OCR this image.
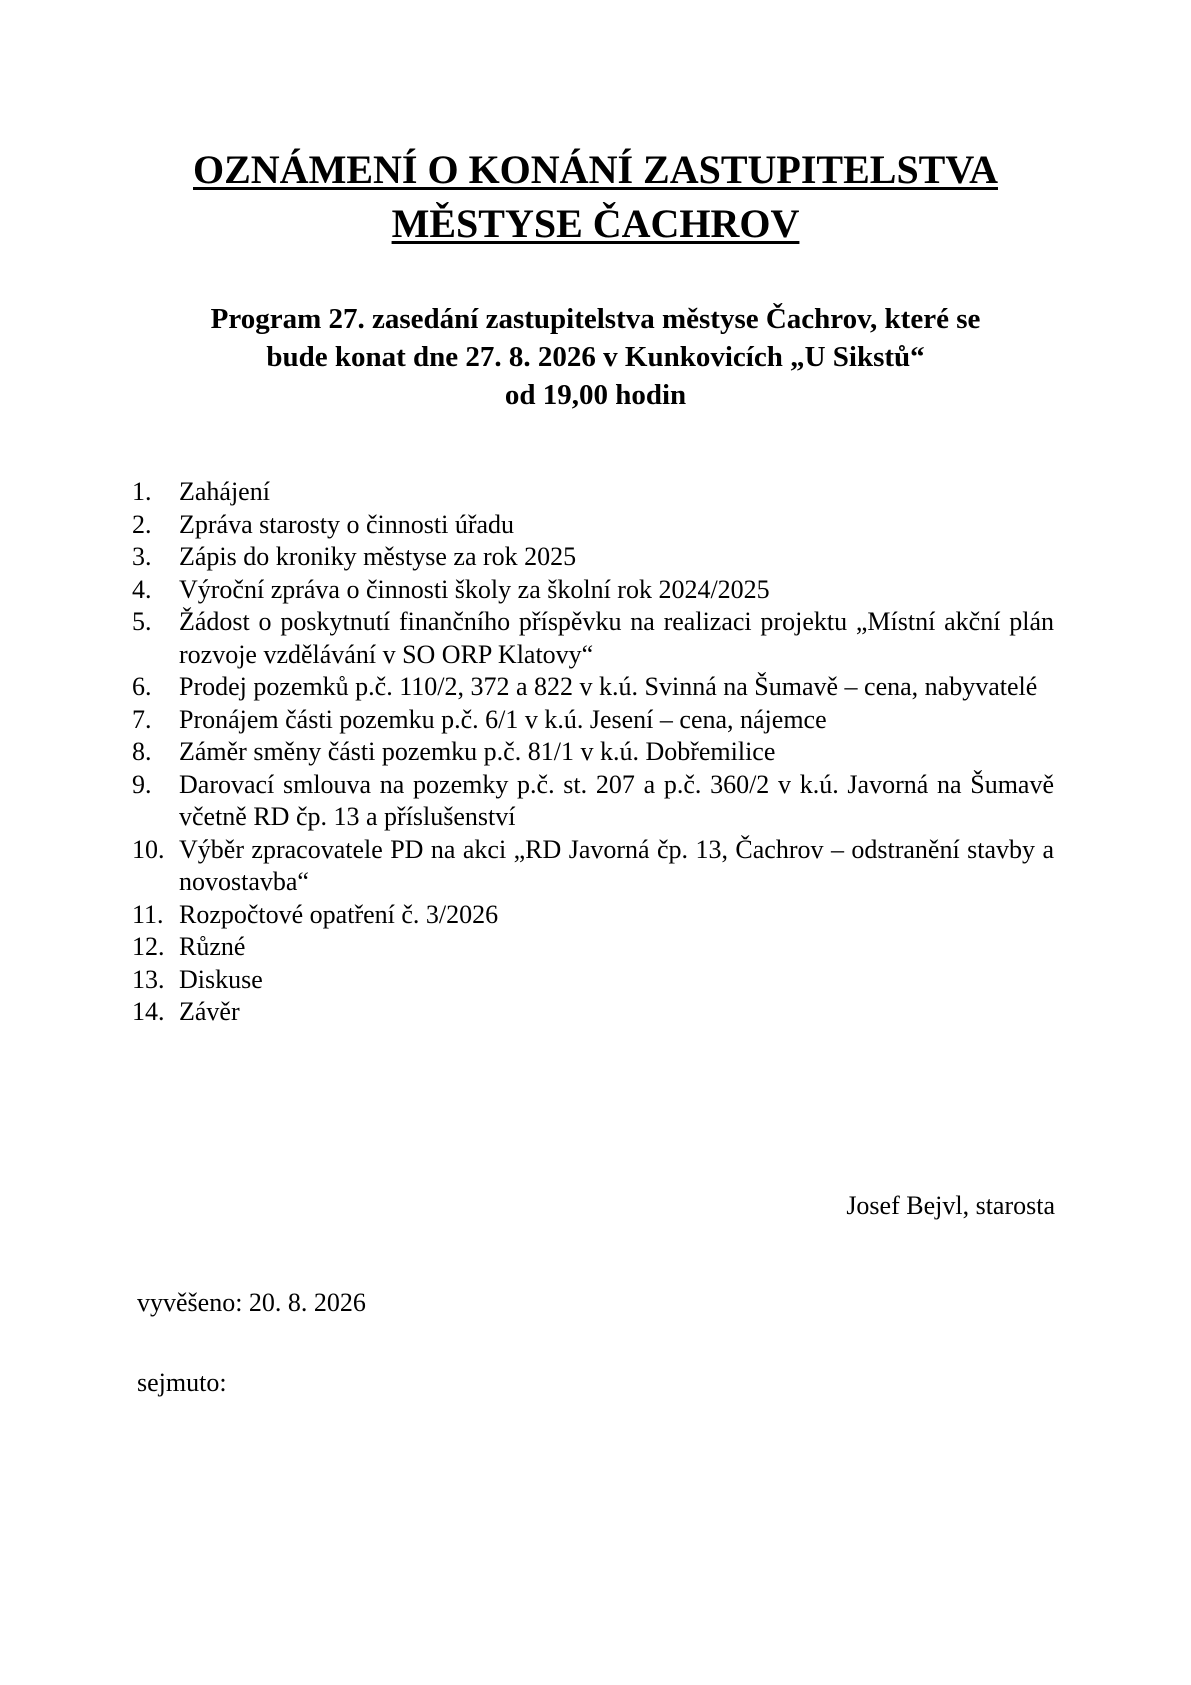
OZNÁMENÍ O KONÁNÍ ZASTUPITELSTVA
MĚSTYSE ČACHROV

Program 27. zasedání zastupitelstva městyse Čachrov, které se
bude konat dne 27. 8. 2026 v Kunkovicích „U Sikstů“
od 19,00 hodin

1. Zahájení
2. Zpráva starosty o činnosti úřadu
3. Zápis do kroniky městyse za rok 2025
4. Výroční zpráva o činnosti školy za školní rok 2024/2025
5. Žádost o poskytnutí finančního příspěvku na realizaci projektu „Místní akční plán rozvoje vzdělávání v SO ORP Klatovy“
6. Prodej pozemků p.č. 110/2, 372 a 822 v k.ú. Svinná na Šumavě – cena, nabyvatelé
7. Pronájem části pozemku p.č. 6/1 v k.ú. Jesení – cena, nájemce
8. Záměr směny části pozemku p.č. 81/1 v k.ú. Dobřemilice
9. Darovací smlouva na pozemky p.č. st. 207 a p.č. 360/2 v k.ú. Javorná na Šumavě včetně RD čp. 13 a příslušenství
10. Výběr zpracovatele PD na akci „RD Javorná čp. 13, Čachrov – odstranění stavby a novostavba“
11. Rozpočtové opatření č. 3/2026
12. Různé
13. Diskuse
14. Závěr

Josef Bejvl, starosta

vyvěšeno: 20. 8. 2026

sejmuto:
